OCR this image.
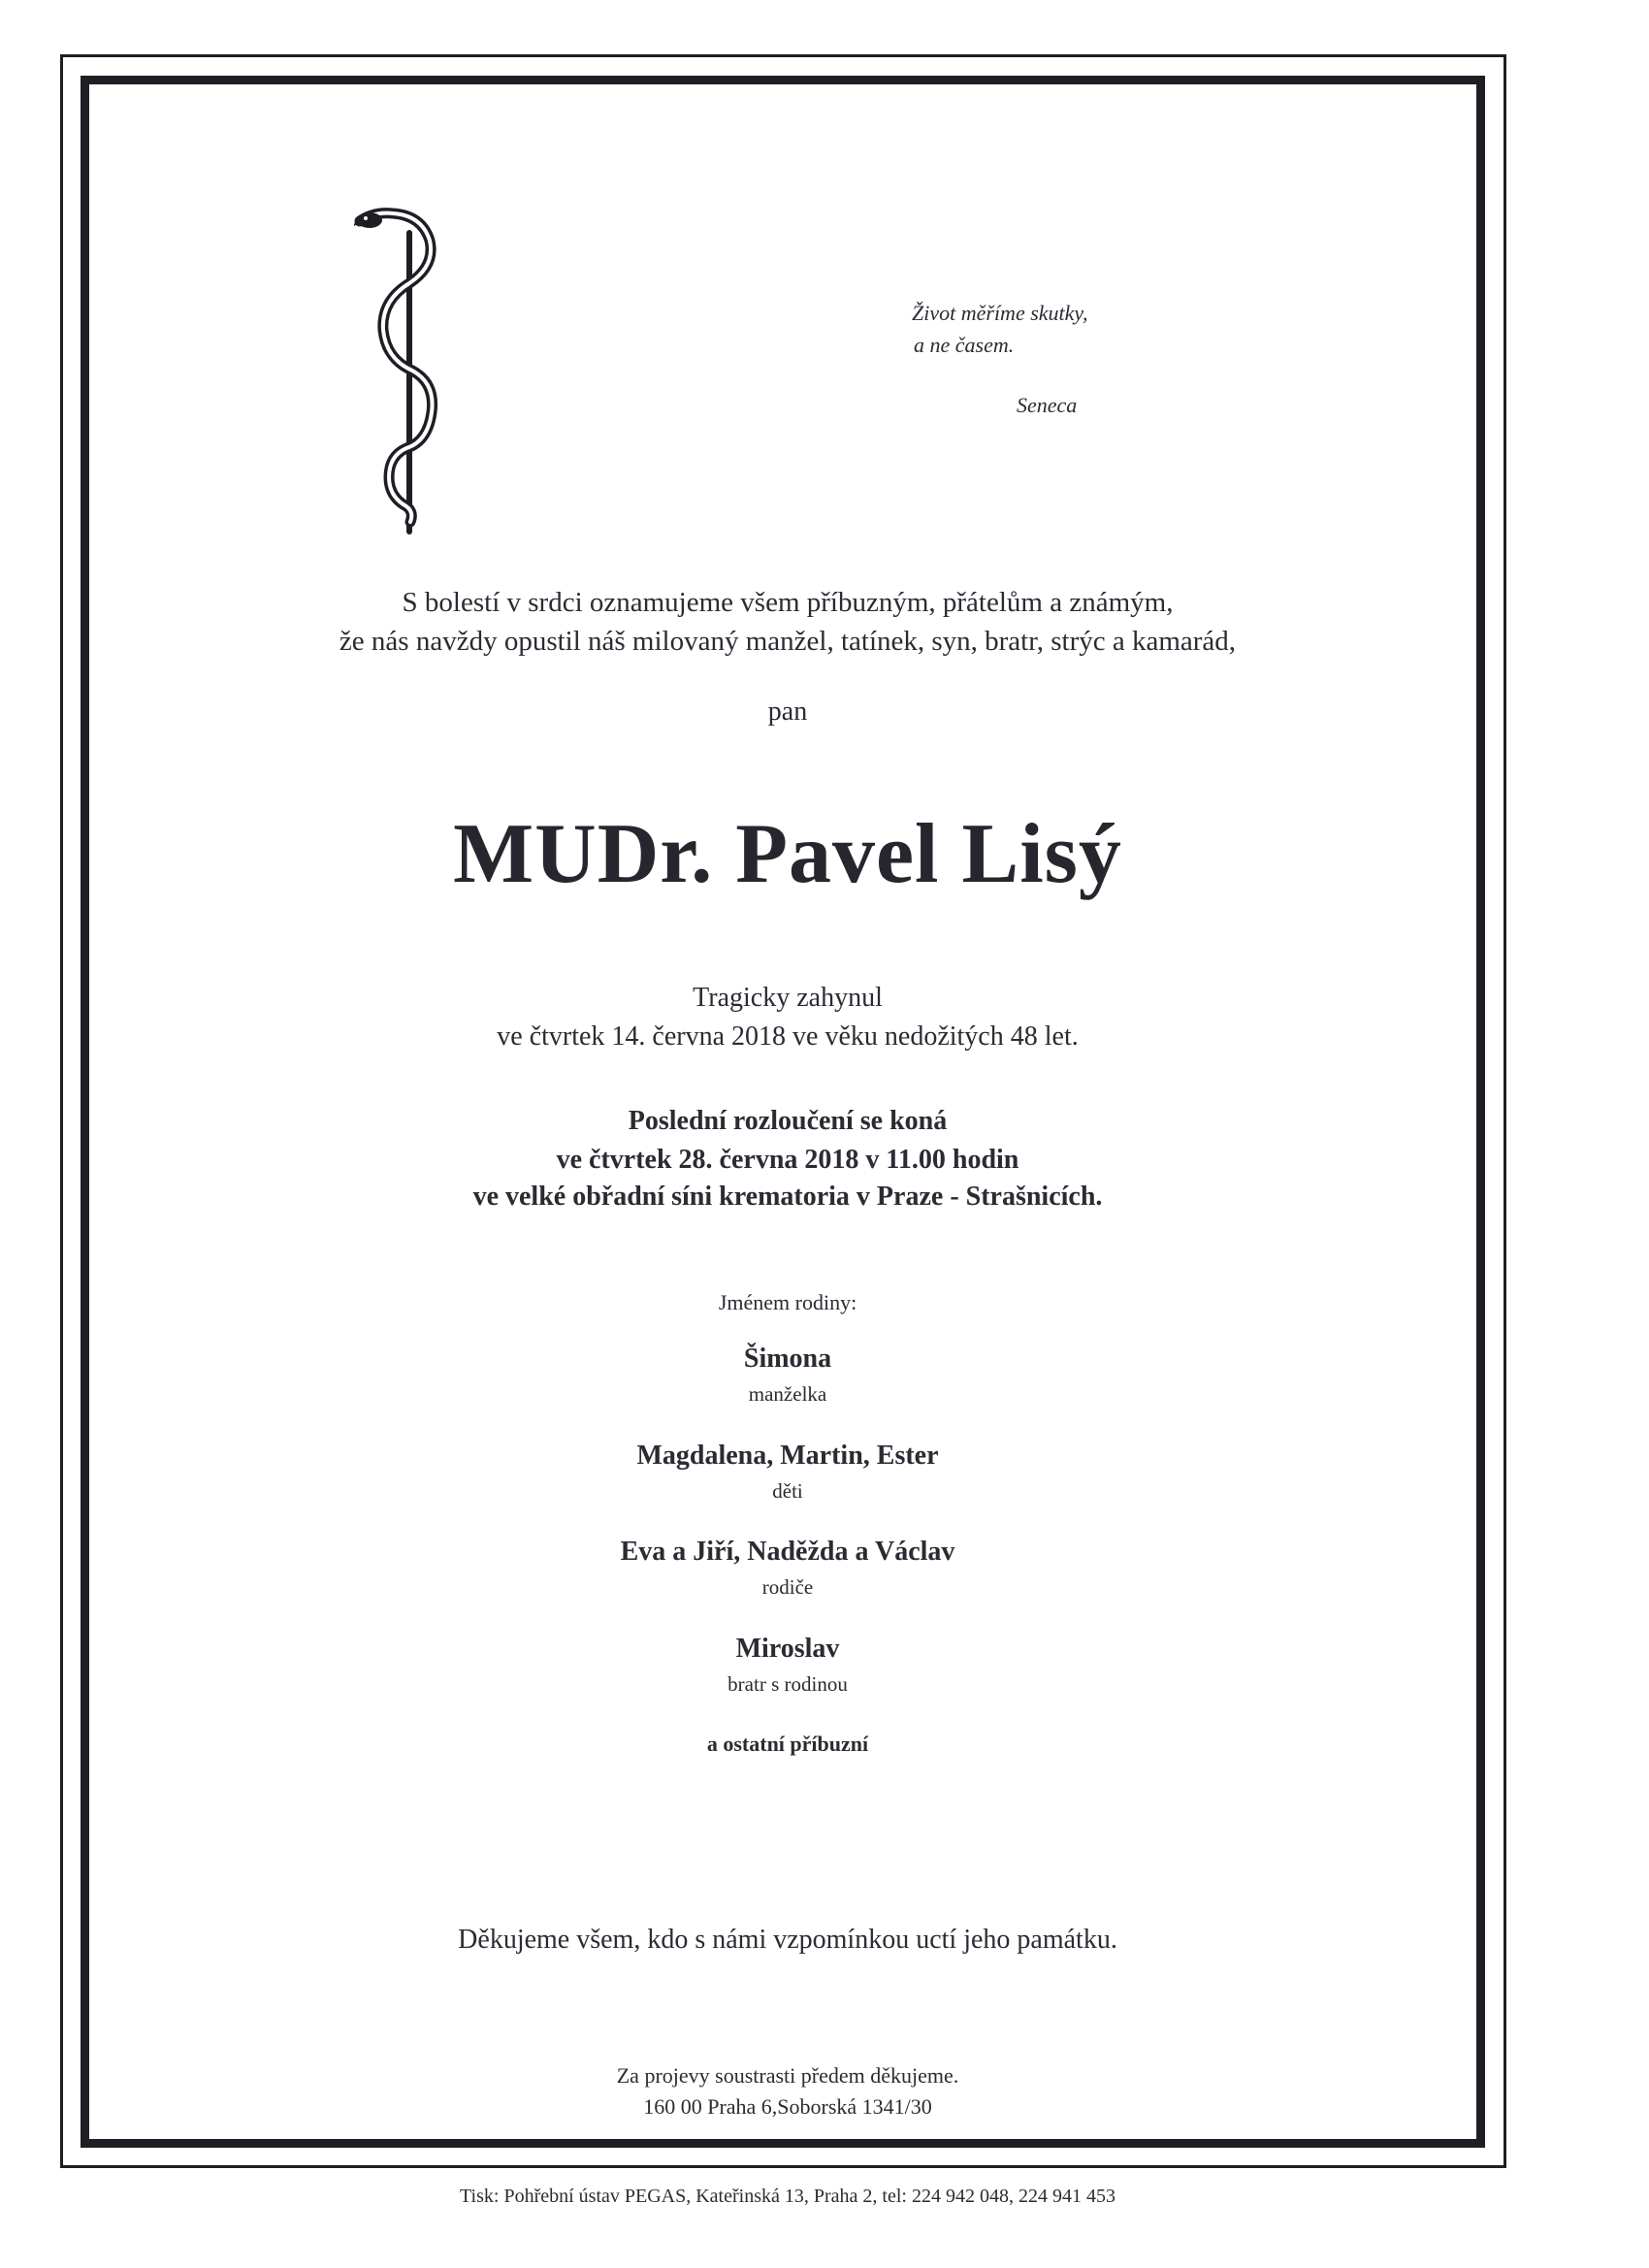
Život měříme skutky,
a ne časem.
Seneca
S bolestí v srdci oznamujeme všem příbuzným, přátelům a známým,
že nás navždy opustil náš milovaný manžel, tatínek, syn, bratr, strýc a kamarád,
pan
MUDr. Pavel Lisý
Tragicky zahynul
ve čtvrtek 14. června 2018 ve věku nedožitých 48 let.
Poslední rozloučení se koná
ve čtvrtek 28. června 2018 v 11.00 hodin
ve velké obřadní síni krematoria v Praze - Strašnicích.
Jménem rodiny:
Šimona
manželka
Magdalena, Martin, Ester
děti
Eva a Jiří, Naděžda a Václav
rodiče
Miroslav
bratr s rodinou
a ostatní příbuzní
Děkujeme všem, kdo s námi vzpomínkou uctí jeho památku.
Za projevy soustrasti předem děkujeme.
160 00 Praha 6,Soborská 1341/30
Tisk: Pohřební ústav PEGAS, Kateřinská 13, Praha 2, tel: 224 942 048, 224 941 453
